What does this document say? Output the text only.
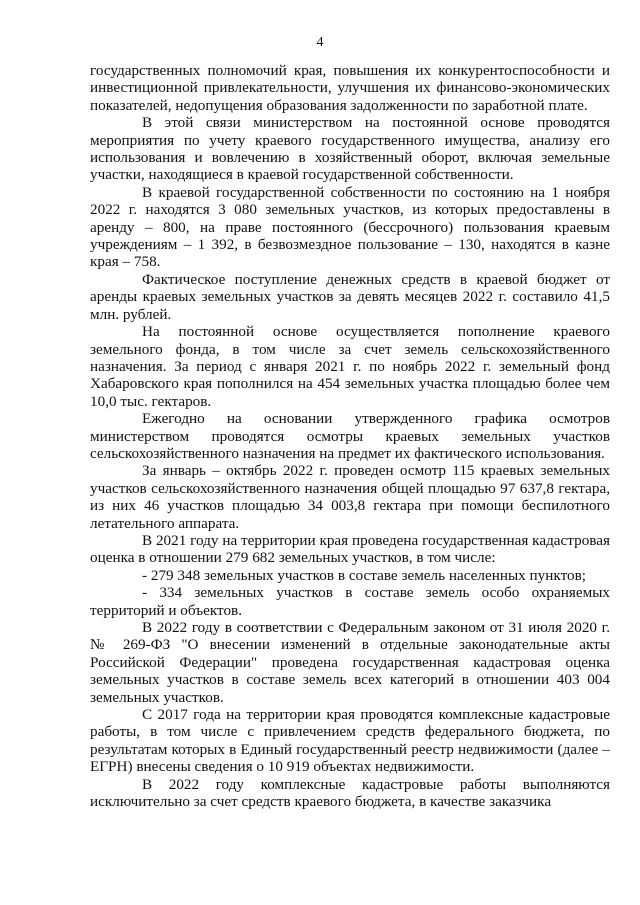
4

государственных полномочий края, повышения их конкурентоспособности и инвестиционной привлекательности, улучшения их финансово-экономических показателей, недопущения образования задолженности по заработной плате.

В этой связи министерством на постоянной основе проводятся мероприятия по учету краевого государственного имущества, анализу его использования и вовлечению в хозяйственный оборот, включая земельные участки, находящиеся в краевой государственной собственности.

В краевой государственной собственности по состоянию на 1 ноября 2022 г. находятся 3 080 земельных участков, из которых предоставлены в аренду – 800, на праве постоянного (бессрочного) пользования краевым учреждениям – 1 392, в безвозмездное пользование – 130, находятся в казне края – 758.

Фактическое поступление денежных средств в краевой бюджет от аренды краевых земельных участков за девять месяцев 2022 г. составило 41,5 млн. рублей.

На постоянной основе осуществляется пополнение краевого земельного фонда, в том числе за счет земель сельскохозяйственного назначения. За период с января 2021 г. по ноябрь 2022 г. земельный фонд Хабаровского края пополнился на 454 земельных участка площадью более чем 10,0 тыс. гектаров.

Ежегодно на основании утвержденного графика осмотров министерством проводятся осмотры краевых земельных участков сельскохозяйственного назначения на предмет их фактического использования.

За январь – октябрь 2022 г. проведен осмотр 115 краевых земельных участков сельскохозяйственного назначения общей площадью 97 637,8 гектара, из них 46 участков площадью 34 003,8 гектара при помощи беспилотного летательного аппарата.

В 2021 году на территории края проведена государственная кадастровая оценка в отношении 279 682 земельных участков, в том числе:

- 279 348 земельных участков в составе земель населенных пунктов;

- 334 земельных участков в составе земель особо охраняемых территорий и объектов.

В 2022 году в соответствии с Федеральным законом от 31 июля 2020 г. № 269-ФЗ "О внесении изменений в отдельные законодательные акты Российской Федерации" проведена государственная кадастровая оценка земельных участков в составе земель всех категорий в отношении 403 004 земельных участков.

С 2017 года на территории края проводятся комплексные кадастровые работы, в том числе с привлечением средств федерального бюджета, по результатам которых в Единый государственный реестр недвижимости (далее – ЕГРН) внесены сведения о 10 919 объектах недвижимости.

В 2022 году комплексные кадастровые работы выполняются исключительно за счет средств краевого бюджета, в качестве заказчика
